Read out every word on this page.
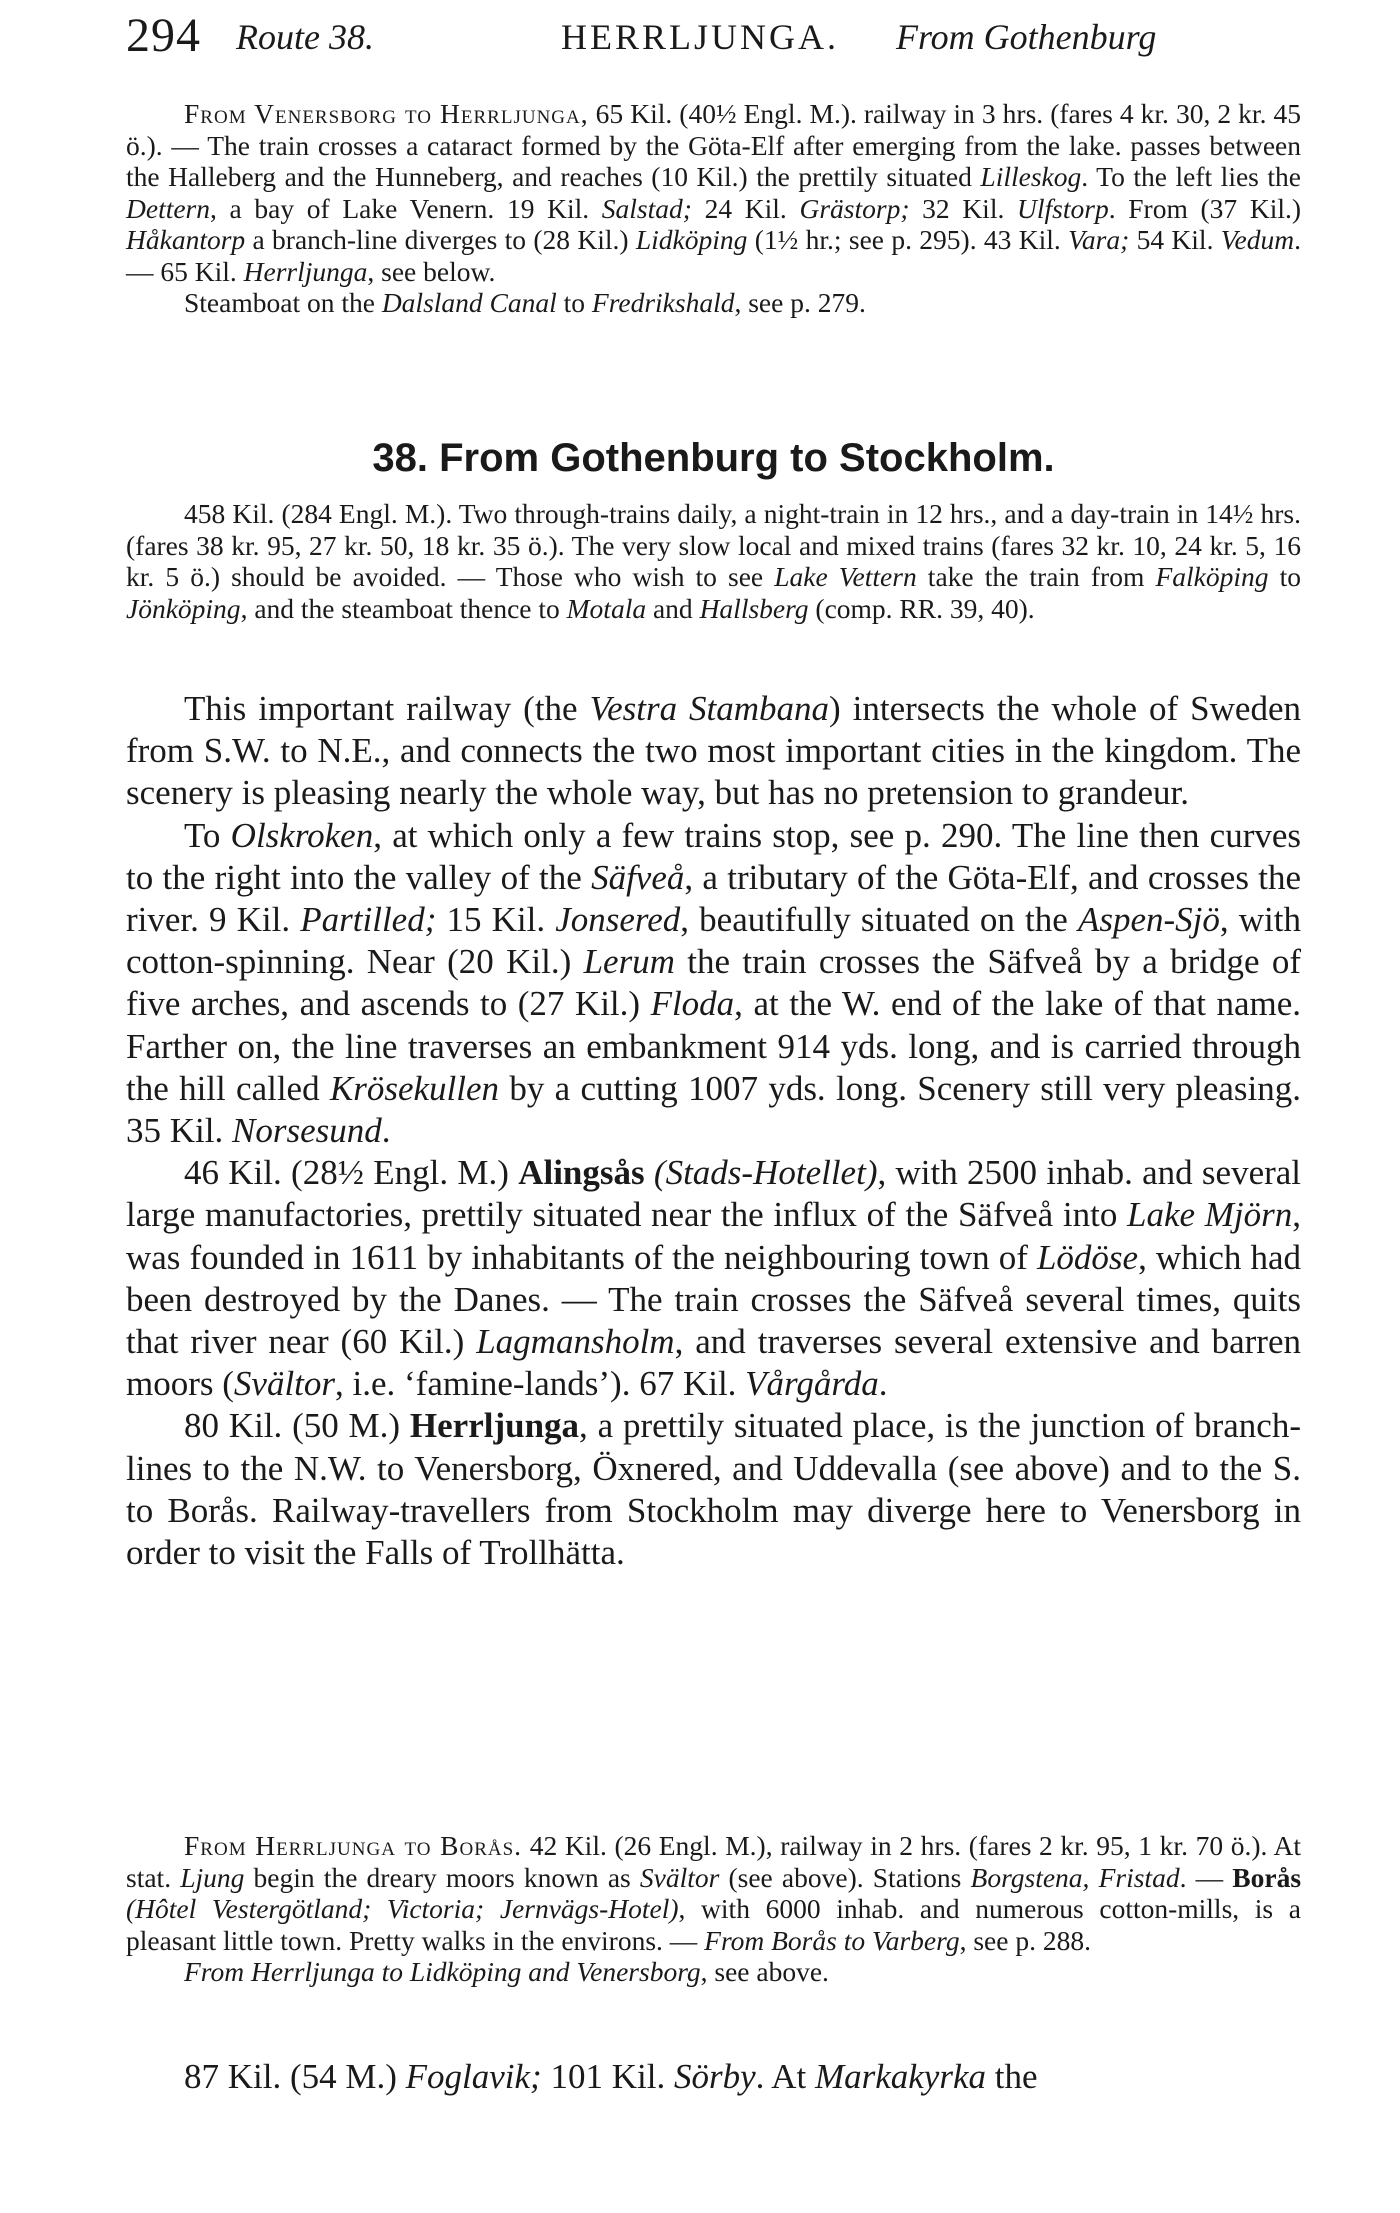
294 Route 38.	HERRLJUNGA. From Gothenburg

From Venersborg to Herrljunga, 65 Kil. (40½ Engl. M.). railway in 3 hrs. (fares 4 kr. 30, 2 kr. 45 ö.). — The train crosses a cataract formed by the Göta-Elf after emerging from the lake. passes between the Halleberg and the Hunneberg, and reaches (10 Kil.) the prettily situated Lilleskog. To the left lies the Dettern, a bay of Lake Venern. 19 Kil. Salstad; 24 Kil. Grästorp; 32 Kil. Ulfstorp. From (37 Kil.) Håkantorp a branch-line diverges to (28 Kil.) Lidköping (1½ hr.; see p. 295). 43 Kil. Vara; 54 Kil. Vedum. — 65 Kil. Herrljunga, see below.

Steamboat on the Dalsland Canal to Fredrikshald, see p. 279.

38. From Gothenburg to Stockholm.

458 Kil. (284 Engl. M.). Two through-trains daily, a night-train in 12 hrs., and a day-train in 14½ hrs. (fares 38 kr. 95, 27 kr. 50, 18 kr. 35 ö.). The very slow local and mixed trains (fares 32 kr. 10, 24 kr. 5, 16 kr. 5 ö.) should be avoided. — Those who wish to see Lake Vettern take the train from Falköping to Jönköping, and the steamboat thence to Motala and Hallsberg (comp. RR. 39, 40).

This important railway (the Vestra Stambana) intersects the whole of Sweden from S.W. to N.E., and connects the two most important cities in the kingdom. The scenery is pleasing nearly the whole way, but has no pretension to grandeur.

To Olskroken, at which only a few trains stop, see p. 290. The line then curves to the right into the valley of the Säfveå, a tributary of the Göta-Elf, and crosses the river. 9 Kil. Partilled; 15 Kil. Jonsered, beautifully situated on the Aspen-Sjö, with cotton-spinning. Near (20 Kil.) Lerum the train crosses the Säfveå by a bridge of five arches, and ascends to (27 Kil.) Floda, at the W. end of the lake of that name. Farther on, the line traverses an embankment 914 yds. long, and is carried through the hill called Krösekullen by a cutting 1007 yds. long. Scenery still very pleasing. 35 Kil. Norsesund.

46 Kil. (28½ Engl. M.) Alingsås (Stads-Hotellet), with 2500 inhab. and several large manufactories, prettily situated near the influx of the Säfveå into Lake Mjörn, was founded in 1611 by inhabitants of the neighbouring town of Lödöse, which had been destroyed by the Danes. — The train crosses the Säfveå several times, quits that river near (60 Kil.) Lagmansholm, and traverses several extensive and barren moors (Svältor, i.e. ‘famine-lands’). 67 Kil. Vårgårda.

80 Kil. (50 M.) Herrljunga, a prettily situated place, is the junction of branch-lines to the N.W. to Venersborg, Öxnered, and Uddevalla (see above) and to the S. to Borås. Railway-travellers from Stockholm may diverge here to Venersborg in order to visit the Falls of Trollhätta.

From Herrljunga to Borås. 42 Kil. (26 Engl. M.), railway in 2 hrs. (fares 2 kr. 95, 1 kr. 70 ö.). At stat. Ljung begin the dreary moors known as Svältor (see above). Stations Borgstena, Fristad. — Borås (Hôtel Vestergötland; Victoria; Jernvägs-Hotel), with 6000 inhab. and numerous cotton-mills, is a pleasant little town. Pretty walks in the environs. — From Borås to Varberg, see p. 288.

From Herrljunga to Lidköping and Venersborg, see above.

87 Kil. (54 M.) Foglavik; 101 Kil. Sörby. At Markakyrka the
